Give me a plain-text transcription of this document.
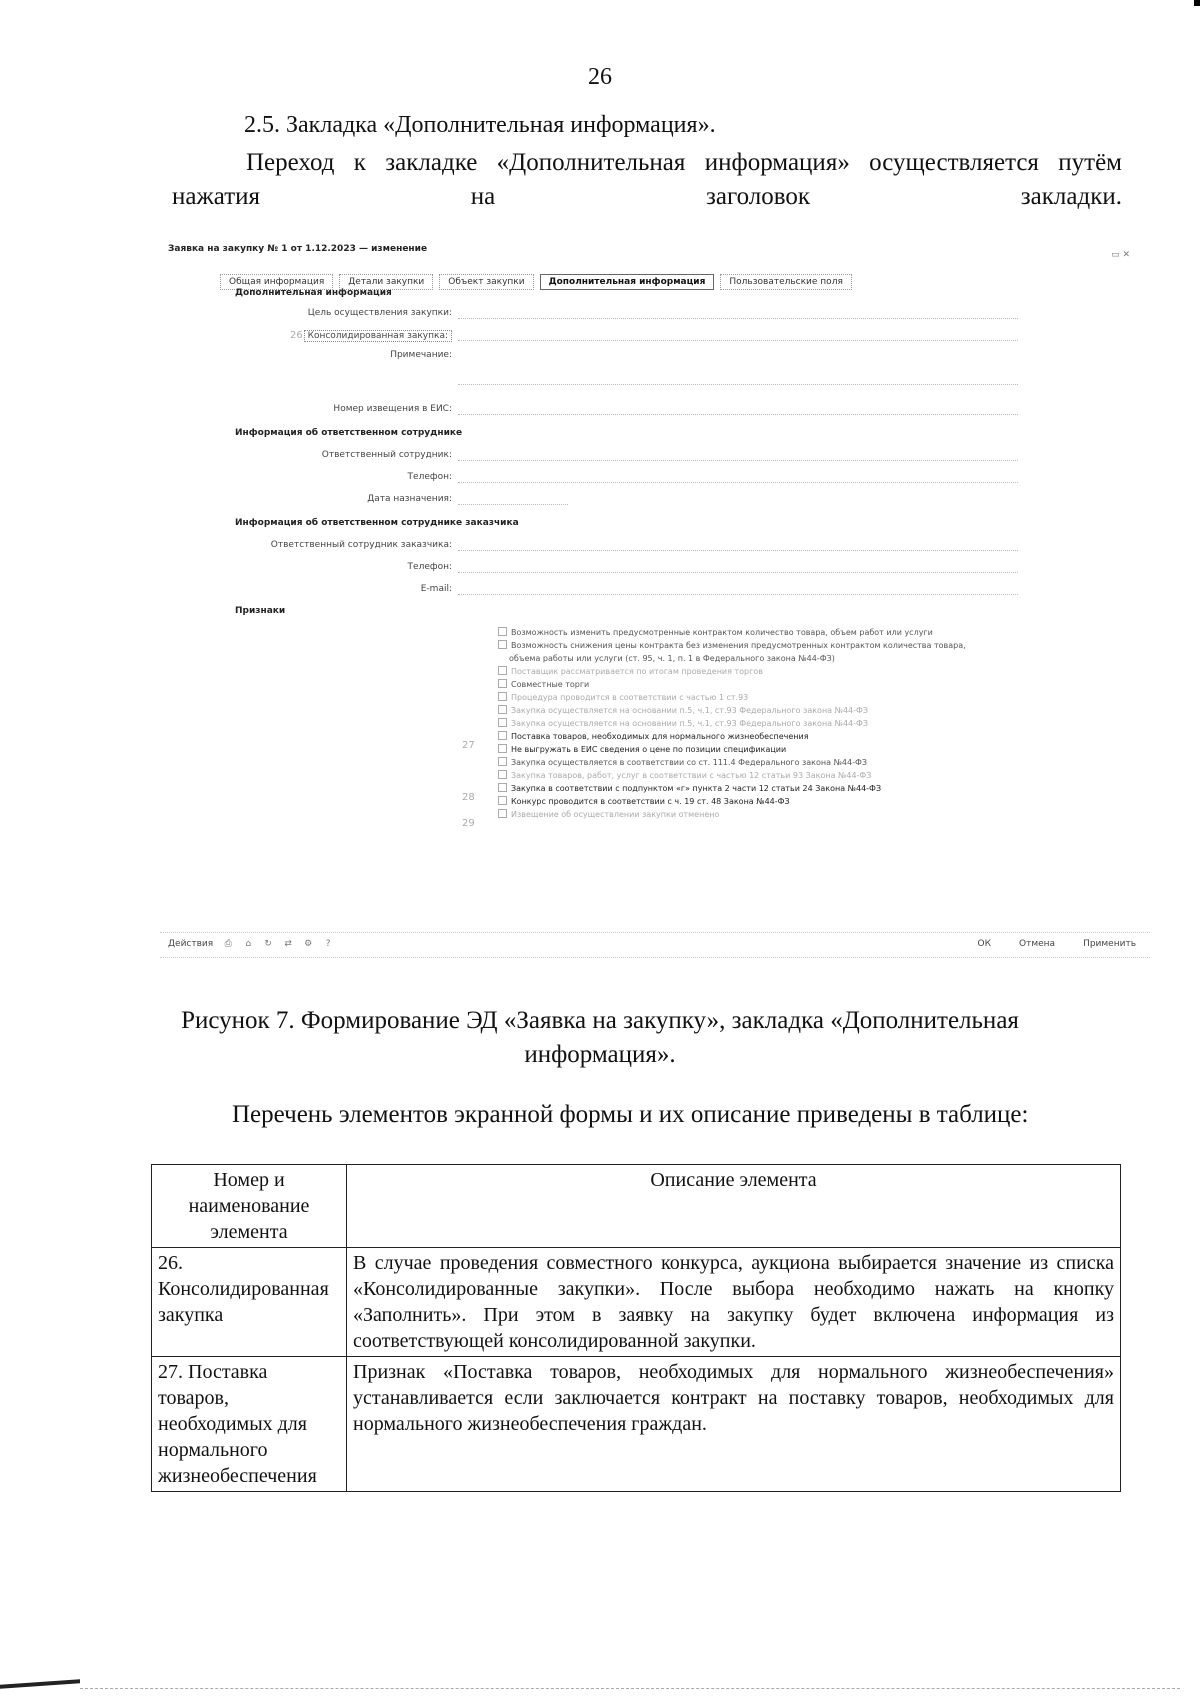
26
2.5. Закладка «Дополнительная информация».
Переход к закладке «Дополнительная информация» осуществляется путём нажатия на заголовок закладки.
Заявка на закупку № 1 от 1.12.2023 — изменение
▭ ✕
Общая информация	Детали закупки	Объект закупки	Дополнительная информация	Пользовательские поля
Дополнительная информация
Цель осуществления закупки:
26 Консолидированная закупка:
Примечание:
Номер извещения в ЕИС:
Информация об ответственном сотруднике
Ответственный сотрудник:
Телефон:
Дата назначения:
Информация об ответственном сотруднике заказчика
Ответственный сотрудник заказчика:
Телефон:
E-mail:
Признаки
Возможность изменить предусмотренные контрактом количество товара, объем работ или услуги
Возможность снижения цены контракта без изменения предусмотренных контрактом количества товара,
объема работы или услуги (ст. 95, ч. 1, п. 1 в Федерального закона №44-ФЗ)
Поставщик рассматривается по итогам проведения торгов
Совместные торги
Процедура проводится в соответствии с частью 1 ст.93
Закупка осуществляется на основании п.5, ч.1, ст.93 Федерального закона №44-ФЗ
Закупка осуществляется на основании п.5, ч.1, ст.93 Федерального закона №44-ФЗ
Поставка товаров, необходимых для нормального жизнеобеспечения
Не выгружать в ЕИС сведения о цене по позиции спецификации
Закупка осуществляется в соответствии со ст. 111.4 Федерального закона №44-ФЗ
Закупка товаров, работ, услуг в соответствии с частью 12 статьи 93 Закона №44-ФЗ
Закупка в соответствии с подпунктом «г» пункта 2 части 12 статьи 24 Закона №44-ФЗ
Конкурс проводится в соответствии с ч. 19 ст. 48 Закона №44-ФЗ
Извещение об осуществлении закупки отменено
27
28
29
Действия ⎙ ⌂ ↻ ⇄ ⚙ ?	ОК	Отмена	Применить
Рисунок 7. Формирование ЭД «Заявка на закупку», закладка «Дополнительная
информация».
Перечень элементов экранной формы и их описание приведены в таблице:
Номер и наименование элемента	Описание элемента
26. Консолидированная закупка	В случае проведения совместного конкурса, аукциона выбирается значение из списка «Консолидированные закупки». После выбора необходимо нажать на кнопку «Заполнить». При этом в заявку на закупку будет включена информация из соответствующей консолидированной закупки.
27. Поставка товаров, необходимых для нормального жизнеобеспечения	Признак «Поставка товаров, необходимых для нормального жизнеобеспечения» устанавливается если заключается контракт на поставку товаров, необходимых для нормального жизнеобеспечения граждан.
